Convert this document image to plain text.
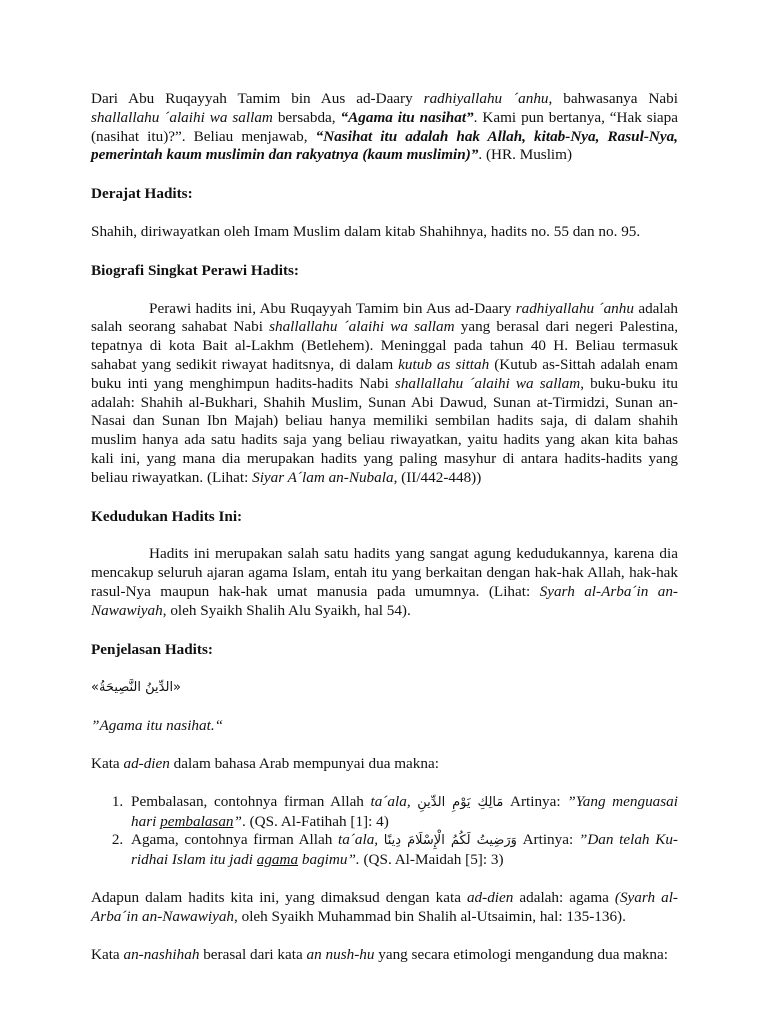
Dari Abu Ruqayyah Tamim bin Aus ad-Daary radhiyallahu ´anhu, bahwasanya Nabi shallallahu ´alaihi wa sallam bersabda, “Agama itu nasihat”. Kami pun bertanya, “Hak siapa (nasihat itu)?”. Beliau menjawab, “Nasihat itu adalah hak Allah, kitab-Nya, Rasul-Nya, pemerintah kaum muslimin dan rakyatnya (kaum muslimin)”. (HR. Muslim)

Derajat Hadits:

Shahih, diriwayatkan oleh Imam Muslim dalam kitab Shahihnya, hadits no. 55 dan no. 95.

Biografi Singkat Perawi Hadits:

Perawi hadits ini, Abu Ruqayyah Tamim bin Aus ad-Daary radhiyallahu ´anhu adalah salah seorang sahabat Nabi shallallahu ´alaihi wa sallam yang berasal dari negeri Palestina, tepatnya di kota Bait al-Lakhm (Betlehem). Meninggal pada tahun 40 H. Beliau termasuk sahabat yang sedikit riwayat haditsnya, di dalam kutub as sittah (Kutub as-Sittah adalah enam buku inti yang menghimpun hadits-hadits Nabi shallallahu ´alaihi wa sallam, buku-buku itu adalah: Shahih al-Bukhari, Shahih Muslim, Sunan Abi Dawud, Sunan at-Tirmidzi, Sunan an-Nasai dan Sunan Ibn Majah) beliau hanya memiliki sembilan hadits saja, di dalam shahih muslim hanya ada satu hadits saja yang beliau riwayatkan, yaitu hadits yang akan kita bahas kali ini, yang mana dia merupakan hadits yang paling masyhur di antara hadits-hadits yang beliau riwayatkan. (Lihat: Siyar A´lam an-Nubala, (II/442-448))

Kedudukan Hadits Ini:

Hadits ini merupakan salah satu hadits yang sangat agung kedudukannya, karena dia mencakup seluruh ajaran agama Islam, entah itu yang berkaitan dengan hak-hak Allah, hak-hak rasul-Nya maupun hak-hak umat manusia pada umumnya. (Lihat: Syarh al-Arba´in an-Nawawiyah, oleh Syaikh Shalih Alu Syaikh, hal 54).

Penjelasan Hadits:

«الدِّينُ النَّصِيحَةُ»

”Agama itu nasihat.“

Kata ad-dien dalam bahasa Arab mempunyai dua makna:

1. Pembalasan, contohnya firman Allah ta´ala, مَالِكِ يَوْمِ الدِّينِ Artinya: ”Yang menguasai hari pembalasan”. (QS. Al-Fatihah [1]: 4)
2. Agama, contohnya firman Allah ta´ala, وَرَضِيتُ لَكُمُ الْإِسْلَامَ دِينًا Artinya: ”Dan telah Ku-ridhai Islam itu jadi agama bagimu”. (QS. Al-Maidah [5]: 3)

Adapun dalam hadits kita ini, yang dimaksud dengan kata ad-dien adalah: agama (Syarh al-Arba´in an-Nawawiyah, oleh Syaikh Muhammad bin Shalih al-Utsaimin, hal: 135-136).

Kata an-nashihah berasal dari kata an nush-hu yang secara etimologi mengandung dua makna:
